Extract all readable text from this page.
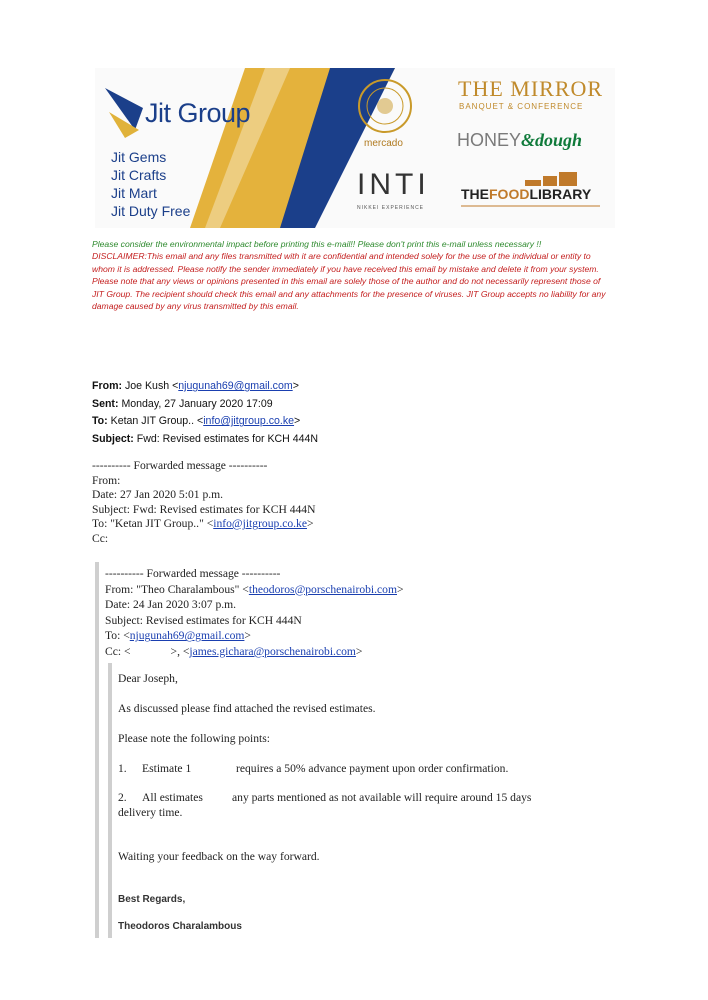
Jit Group
Jit Gems
Jit Crafts
Jit Mart
Jit Duty Free
mercado
INTI
NIKKEI EXPERIENCE
THE MIRROR
BANQUET & CONFERENCE
HONEY&dough
THEFOODLIBRARY
Please consider the environmental impact before printing this e-mail!! Please don't print this e-mail unless necessary !!
DISCLAIMER:This email and any files transmitted with it are confidential and intended solely for the use of the individual or entity to whom it is addressed. Please notify the sender immediately if you have received this email by mistake and delete it from your system. Please note that any views or opinions presented in this email are solely those of the author and do not necessarily represent those of JIT Group. The recipient should check this email and any attachments for the presence of viruses. JIT Group accepts no liability for any damage caused by any virus transmitted by this email.
From: Joe Kush <njugunah69@gmail.com>
Sent: Monday, 27 January 2020 17:09
To: Ketan JIT Group.. <info@jitgroup.co.ke>
Subject: Fwd: Revised estimates for KCH 444N
---------- Forwarded message ----------
From:
Date: 27 Jan 2020 5:01 p.m.
Subject: Fwd: Revised estimates for KCH 444N
To: "Ketan JIT Group.." <info@jitgroup.co.ke>
Cc:
---------- Forwarded message ----------
From: "Theo Charalambous" <theodoros@porschenairobi.com>
Date: 24 Jan 2020 3:07 p.m.
Subject: Revised estimates for KCH 444N
To: <njugunah69@gmail.com>
Cc: <	>, <james.gichara@porschenairobi.com>
Dear Joseph,
As discussed please find attached the revised estimates.
Please note the following points:
1. Estimate 1	requires a 50% advance payment upon order confirmation.
2. All estimates	any parts mentioned as not available will require around 15 days
delivery time.
Waiting your feedback on the way forward.
Best Regards,
Theodoros Charalambous
